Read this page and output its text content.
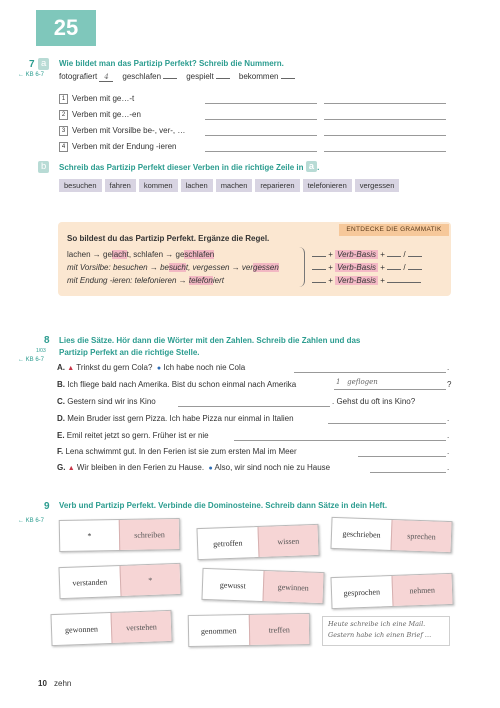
25
7 a	Wie bildet man das Partizip Perfekt? Schreib die Nummern.
← KB 6-7 fotografiert 4 geschlafen	gespielt	bekommen
1 Verben mit ge…-t
2 Verben mit ge…-en
3 Verben mit Vorsilbe be-, ver-, …
4 Verben mit der Endung -ieren
b	Schreib das Partizip Perfekt dieser Verben in die richtige Zeile in a .
besuchen fahren kommen lachen machen reparieren telefonieren vergessen
ENTDECKE DIE GRAMMATIK
So bildest du das Partizip Perfekt. Ergänze die Regel.
lachen → gelacht, schlafen → geschlafen
mit Vorsilbe: besuchen → besucht, vergessen → vergessen
mit Endung -ieren: telefonieren → telefoniert
+ Verb-Basis + /
+ Verb-Basis + /
+ Verb-Basis +
8 Lies die Sätze. Hör dann die Wörter mit den Zahlen. Schreib die Zahlen und das Partizip Perfekt an die richtige Stelle.
1/03
← KB 6-7
A. ▲ Trinkst du gern Cola? ● Ich habe noch nie Cola	.
B. Ich fliege bald nach Amerika. Bist du schon einmal nach Amerika	1 geflogen	?
C. Gestern sind wir ins Kino	. Gehst du oft ins Kino?
D. Mein Bruder isst gern Pizza. Ich habe Pizza nur einmal in Italien	.
E. Emil reitet jetzt so gern. Früher ist er nie	.
F. Lena schwimmt gut. In den Ferien ist sie zum ersten Mal im Meer	.
G. ▲ Wir bleiben in den Ferien zu Hause. ● Also, wir sind noch nie zu Hause	.
9 Verb und Partizip Perfekt. Verbinde die Dominosteine. Schreib dann Sätze in dein Heft.
← KB 6-7
*	schreiben
getroffen	wissen
geschrieben	sprechen
verstanden	*
gewusst	gewinnen	gesprochen	nehmen
gewonnen	verstehen	genommen	treffen
Heute schreibe ich eine Mail.
Gestern habe ich einen Brief …
10 zehn
